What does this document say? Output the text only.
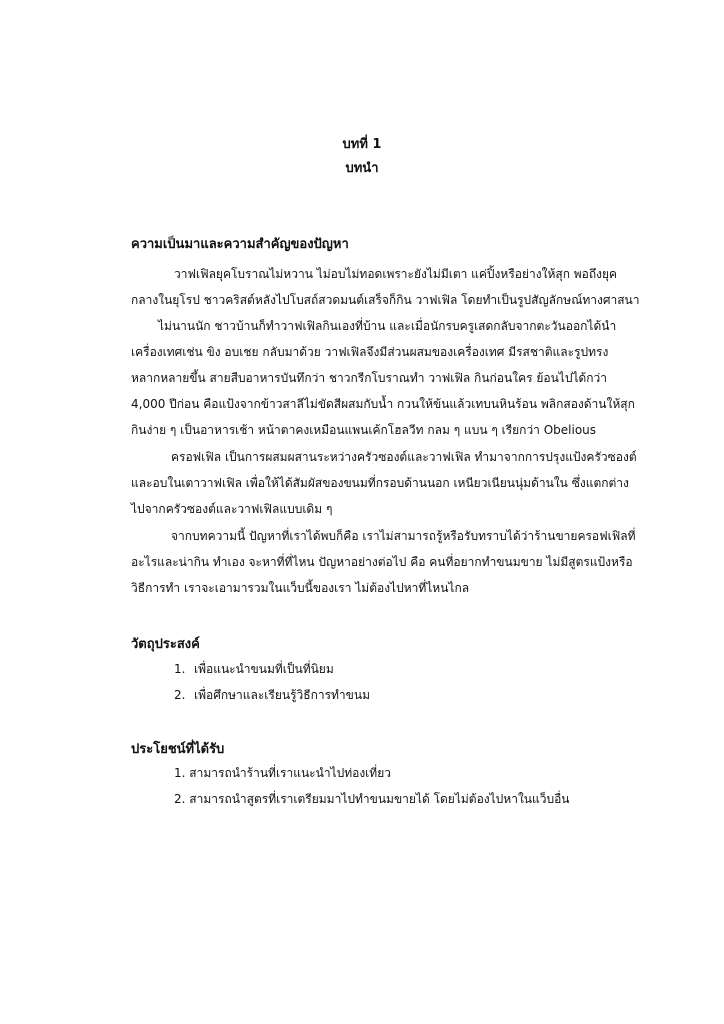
บทที่ 1
บทนำ
ความเป็นมาและความสำคัญของปัญหา
วาฟเฟิลยุคโบราณไม่หวาน ไม่อบไม่ทอดเพราะยังไม่มีเตา แค่ปิ้งหรือย่างให้สุก พอถึงยุค
กลางในยุโรป ชาวคริสต์หลังไปโบสถ์สวดมนต์เสร็จก็กิน วาฟเฟิล โดยทำเป็นรูปสัญลักษณ์ทางศาสนา
ไม่นานนัก ชาวบ้านก็ทำวาฟเฟิลกินเองที่บ้าน และเมื่อนักรบครูเสดกลับจากตะวันออกได้นำ
เครื่องเทศเช่น ขิง อบเชย กลับมาด้วย วาฟเฟิลจึงมีส่วนผสมของเครื่องเทศ มีรสชาติและรูปทรง
หลากหลายขึ้น สายสืบอาหารบันทึกว่า ชาวกรีกโบราณทำ วาฟเฟิล กินก่อนใคร ย้อนไปได้กว่า
4,000 ปีก่อน คือแป้งจากข้าวสาลีไม่ขัดสีผสมกับน้ำ กวนให้ข้นแล้วเทบนหินร้อน พลิกสองด้านให้สุก
กินง่าย ๆ เป็นอาหารเช้า หน้าตาคงเหมือนแพนเค้กโฮลวีท กลม ๆ แบน ๆ เรียกว่า Obelious
ครอฟเฟิล เป็นการผสมผสานระหว่างครัวซองต์และวาฟเฟิล ทำมาจากการปรุงแป้งครัวซองต์
และอบในเตาวาฟเฟิล เพื่อให้ได้สัมผัสของขนมที่กรอบด้านนอก เหนียวเนียนนุ่มด้านใน ซึ่งแตกต่าง
ไปจากครัวซองต์และวาฟเฟิลแบบเดิม ๆ
จากบทความนี้ ปัญหาที่เราได้พบก็คือ เราไม่สามารถรู้หรือรับทราบได้ว่าร้านขายครอฟเฟิลที่
อะไรและน่ากิน ทำเอง จะหาที่ที่ไหน ปัญหาอย่างต่อไป คือ คนที่อยากทำขนมขาย ไม่มีสูตรแป้งหรือ
วิธีการทำ เราจะเอามารวมในแว็บนี้ของเรา ไม่ต้องไปหาที่ไหนไกล
วัตถุประสงค์
1. เพื่อแนะนำขนมที่เป็นที่นิยม
2. เพื่อศึกษาและเรียนรู้วิธีการทำขนม
ประโยชน์ที่ได้รับ
1. สามารถนำร้านที่เราแนะนำไปท่องเที่ยว
2. สามารถนำสูตรที่เราเตรียมมาไปทำขนมขายได้ โดยไม่ต้องไปหาในแว็บอื่น
